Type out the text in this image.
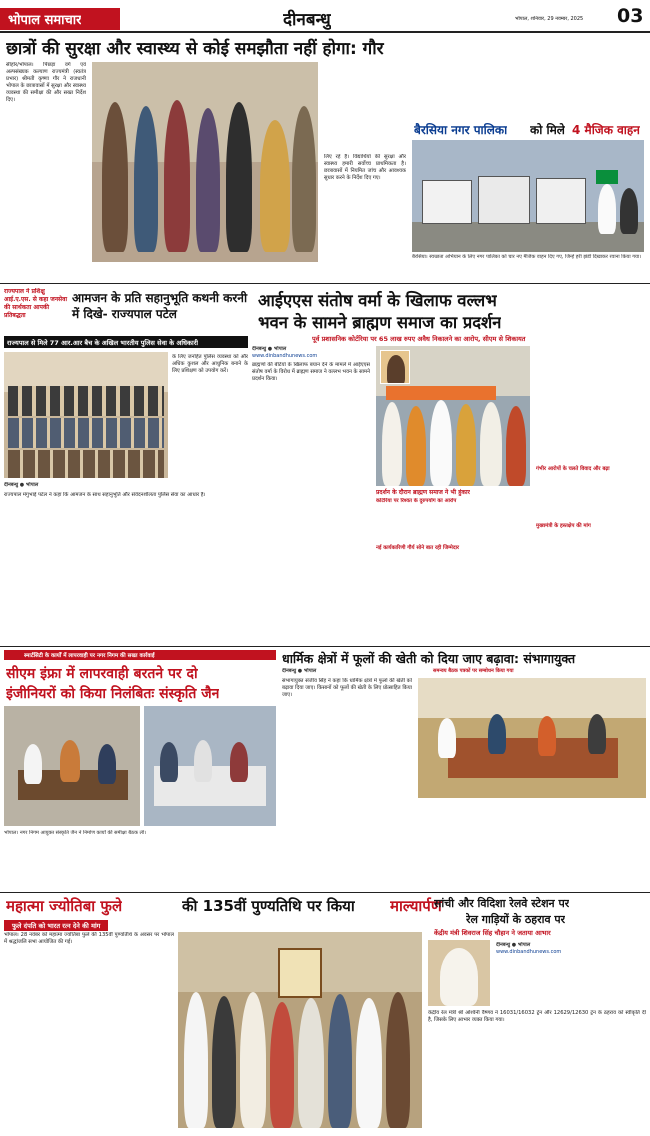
भोपाल समाचार	दीनबन्धु	भोपाल, शनिवार, 29 नवम्बर, 2025 03
छात्रों की सुरक्षा और स्वास्थ्य से कोई समझौता नहीं होगा: गौर
सीहोर/भोपाल। पिछड़ा वर्ग एवं अल्पसंख्यक कल्याण राज्यमंत्री (स्वतंत्र प्रभार) श्रीमती कृष्णा गौर ने राजधानी भोपाल के छात्रावासों में सुरक्षा और स्वास्थ्य व्यवस्था की समीक्षा की और सख्त निर्देश दिए।
लिए रहे हैं। विद्यार्थियों की सुरक्षा और स्वास्थ्य हमारी सर्वोच्च प्राथमिकता है। छात्रावासों में नियमित जांच और आवश्यक सुधार करने के निर्देश दिए गए।
बैरसिया नगर पालिका को मिले 4 मैजिक वाहन
बैरसिया। स्वच्छता अभियान के लिए नगर पालिका को चार नए मैजिक वाहन दिए गए, जिन्हें हरी झंडी दिखाकर रवाना किया गया।
राज्यपाल ने प्रशिक्षु आई.ए.एस. से कहा जनसेवा की सार्थकता आपकी प्रतिबद्धता
आमजन के प्रति सहानुभूति कथनी करनी में दिखे- राज्यपाल पटेल
राज्यपाल से मिले 77 आर.आर बैच के अखिल भारतीय पुलिस सेवा के अधिकारी
के लिए जनहित पुलिस व्यवस्था को और अधिक कुशल और आधुनिक बनाने के लिए प्रशिक्षण को उपयोग करें।
दीनबन्धु ● भोपाल
राज्यपाल मंगुभाई पटेल ने कहा कि आमजन के साथ सहानुभूति और संवेदनशीलता पुलिस सेवा का आधार है।
आईएएस संतोष वर्मा के खिलाफ वल्लभ
भवन के सामने ब्राह्मण समाज का प्रदर्शन
पूर्व प्रशासनिक कोर्टरिया पर 65 लाख रुपए अवैध निकालने का आरोप, सीएम से शिकायत
दीनबन्धु ● भोपाल
www.dinbandhunews.com
ब्राह्मणों की बेटियों के खिलाफ बयान देने के मामले में आईएएस संतोष वर्मा के विरोध में ब्राह्मण समाज ने वल्लभ भवन के सामने प्रदर्शन किया।
प्रदर्शन के दौरान ब्राह्मण समाज ने भी हुंकार
कोर्टरिया पर रिश्वत के दुरुपयोग का आरोप
नई कार्यकारिणी गौर्य सोने बात रही जिम्मेदार
गंभीर आरोपों के चलते विवाद और बढ़ा
मुख्यमंत्री के हस्तक्षेप की मांग
स्मार्टसिटी के कार्यों में लापरवाही पर नगर निगम की सख्त कार्रवाई
सीएम इंफ्रा में लापरवाही बरतने पर दो
इंजीनियरों को किया निलंबितः संस्कृति जैन
भोपाल। नगर निगम आयुक्त संस्कृति जैन ने निर्माण कार्यों की समीक्षा बैठक ली।
धार्मिक क्षेत्रों में फूलों की खेती को दिया जाए बढ़ावा: संभागायुक्त
दीनबन्धु ● भोपाल	समन्वय बैठक पत्रकों पर सम्बोधन किया गया
संभागायुक्त संजीव सिंह ने कहा कि धार्मिक क्षेत्रों में फूलों की खेती को बढ़ावा दिया जाए। किसानों को फूलों की खेती के लिए प्रोत्साहित किया जाए।
महात्मा ज्योतिबा फुले	की 135वीं पुण्यतिथि पर किया माल्यार्पण
फुले दंपति को भारत रत्न देने की मांग
भोपाल। 28 नवंबर को महात्मा ज्योतिबा फुले की 135वीं पुण्यतिथि के अवसर पर भोपाल में श्रद्धांजलि सभा आयोजित की गई।
सांची और विदिशा रेलवे स्टेशन पर
रेल गाड़ियों के ठहराव पर
केंद्रीय मंत्री शिवराज सिंह चौहान ने जताया आभार
दीनबन्धु ● भोपाल
www.dinbandhunews.com
केंद्रीय रेल मंत्री श्री अश्विनी वैष्णव ने 16031/16032 ट्रेन और 12629/12630 ट्रेन के ठहराव को स्वीकृति दी है, जिसके लिए आभार व्यक्त किया गया।
